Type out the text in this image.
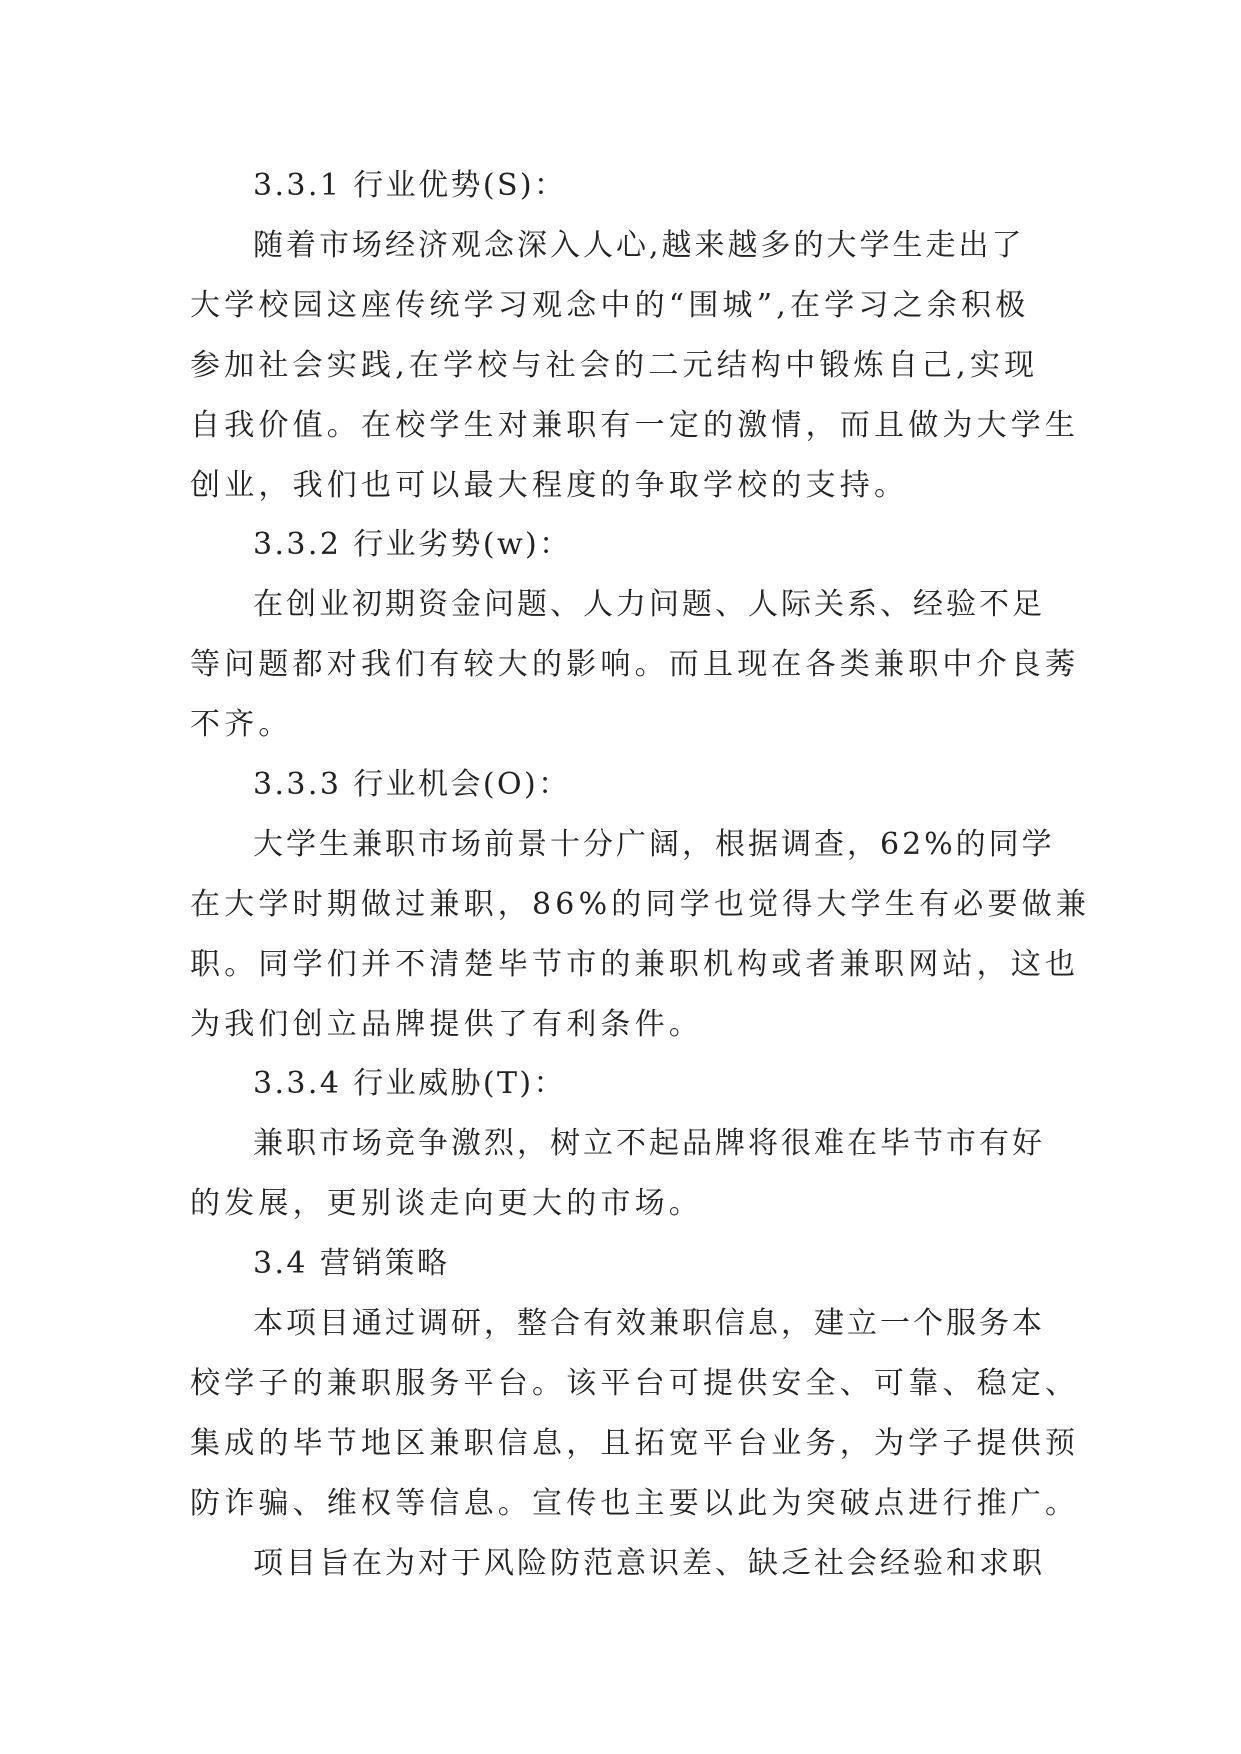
3.3.1 行业优势(S)：
随着市场经济观念深入人心,越来越多的大学生走出了
大学校园这座传统学习观念中的“围城”,在学习之余积极
参加社会实践,在学校与社会的二元结构中锻炼自己,实现
自我价值。在校学生对兼职有一定的激情，而且做为大学生
创业，我们也可以最大程度的争取学校的支持。
3.3.2 行业劣势(w)：
在创业初期资金问题、人力问题、人际关系、经验不足
等问题都对我们有较大的影响。而且现在各类兼职中介良莠
不齐。
3.3.3 行业机会(O)：
大学生兼职市场前景十分广阔，根据调查，62%的同学
在大学时期做过兼职，86%的同学也觉得大学生有必要做兼
职。同学们并不清楚毕节市的兼职机构或者兼职网站，这也
为我们创立品牌提供了有利条件。
3.3.4 行业威胁(T)：
兼职市场竞争激烈，树立不起品牌将很难在毕节市有好
的发展，更别谈走向更大的市场。
3.4 营销策略
本项目通过调研，整合有效兼职信息，建立一个服务本
校学子的兼职服务平台。该平台可提供安全、可靠、稳定、
集成的毕节地区兼职信息，且拓宽平台业务，为学子提供预
防诈骗、维权等信息。宣传也主要以此为突破点进行推广。
项目旨在为对于风险防范意识差、缺乏社会经验和求职
